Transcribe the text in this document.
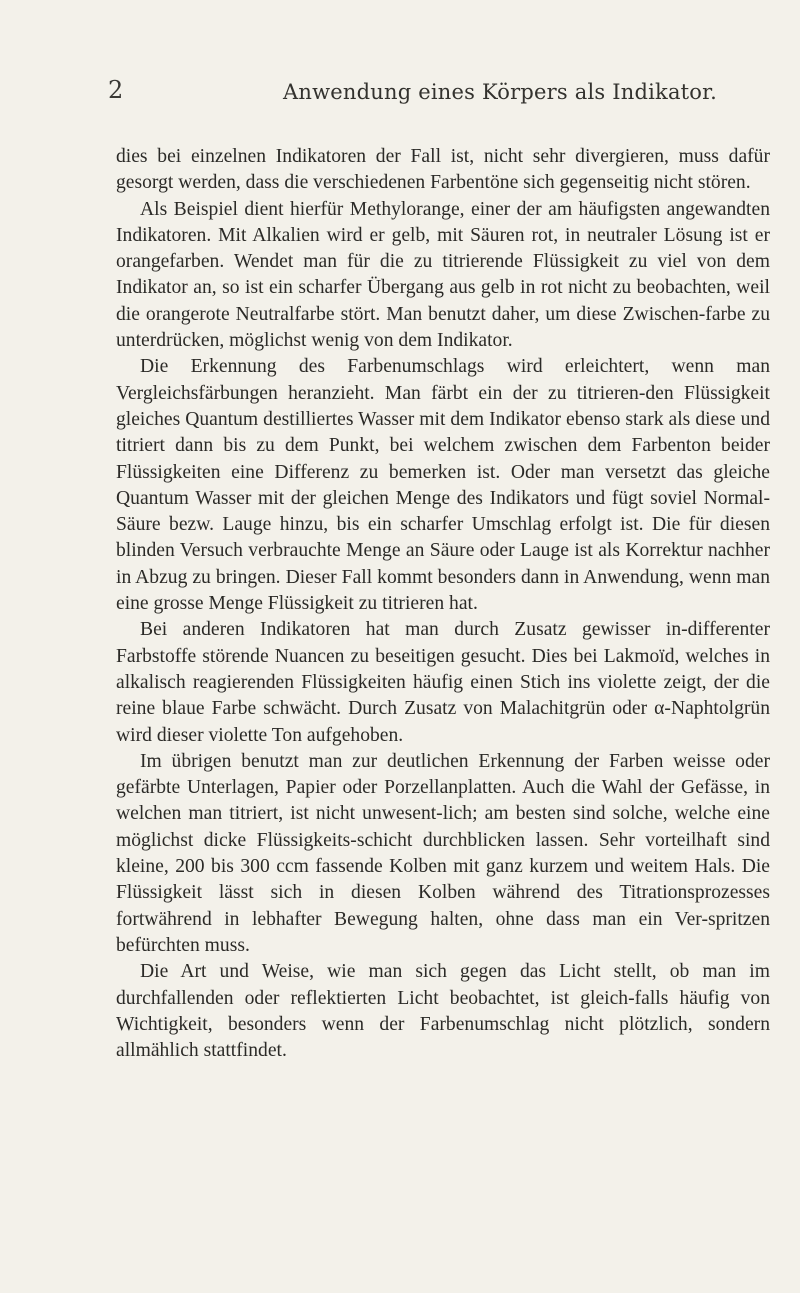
2	Anwendung eines Körpers als Indikator.

dies bei einzelnen Indikatoren der Fall ist, nicht sehr divergieren, muss dafür gesorgt werden, dass die verschiedenen Farbentöne sich gegenseitig nicht stören.

Als Beispiel dient hierfür Methylorange, einer der am häufigsten angewandten Indikatoren. Mit Alkalien wird er gelb, mit Säuren rot, in neutraler Lösung ist er orangefarben. Wendet man für die zu titrierende Flüssigkeit zu viel von dem Indikator an, so ist ein scharfer Übergang aus gelb in rot nicht zu beobachten, weil die orangerote Neutralfarbe stört. Man benutzt daher, um diese Zwischen-farbe zu unterdrücken, möglichst wenig von dem Indikator.

Die Erkennung des Farbenumschlags wird erleichtert, wenn man Vergleichsfärbungen heranzieht. Man färbt ein der zu titrieren-den Flüssigkeit gleiches Quantum destilliertes Wasser mit dem Indikator ebenso stark als diese und titriert dann bis zu dem Punkt, bei welchem zwischen dem Farbenton beider Flüssigkeiten eine Differenz zu bemerken ist. Oder man versetzt das gleiche Quantum Wasser mit der gleichen Menge des Indikators und fügt soviel Normal-Säure bezw. Lauge hinzu, bis ein scharfer Umschlag erfolgt ist. Die für diesen blinden Versuch verbrauchte Menge an Säure oder Lauge ist als Korrektur nachher in Abzug zu bringen. Dieser Fall kommt besonders dann in Anwendung, wenn man eine grosse Menge Flüssigkeit zu titrieren hat.

Bei anderen Indikatoren hat man durch Zusatz gewisser in-differenter Farbstoffe störende Nuancen zu beseitigen gesucht. Dies bei Lakmoïd, welches in alkalisch reagierenden Flüssigkeiten häufig einen Stich ins violette zeigt, der die reine blaue Farbe schwächt. Durch Zusatz von Malachitgrün oder α-Naphtolgrün wird dieser violette Ton aufgehoben.

Im übrigen benutzt man zur deutlichen Erkennung der Farben weisse oder gefärbte Unterlagen, Papier oder Porzellanplatten. Auch die Wahl der Gefässe, in welchen man titriert, ist nicht unwesent-lich; am besten sind solche, welche eine möglichst dicke Flüssigkeits-schicht durchblicken lassen. Sehr vorteilhaft sind kleine, 200 bis 300 ccm fassende Kolben mit ganz kurzem und weitem Hals. Die Flüssigkeit lässt sich in diesen Kolben während des Titrationsprozesses fortwährend in lebhafter Bewegung halten, ohne dass man ein Ver-spritzen befürchten muss.

Die Art und Weise, wie man sich gegen das Licht stellt, ob man im durchfallenden oder reflektierten Licht beobachtet, ist gleich-falls häufig von Wichtigkeit, besonders wenn der Farbenumschlag nicht plötzlich, sondern allmählich stattfindet.
